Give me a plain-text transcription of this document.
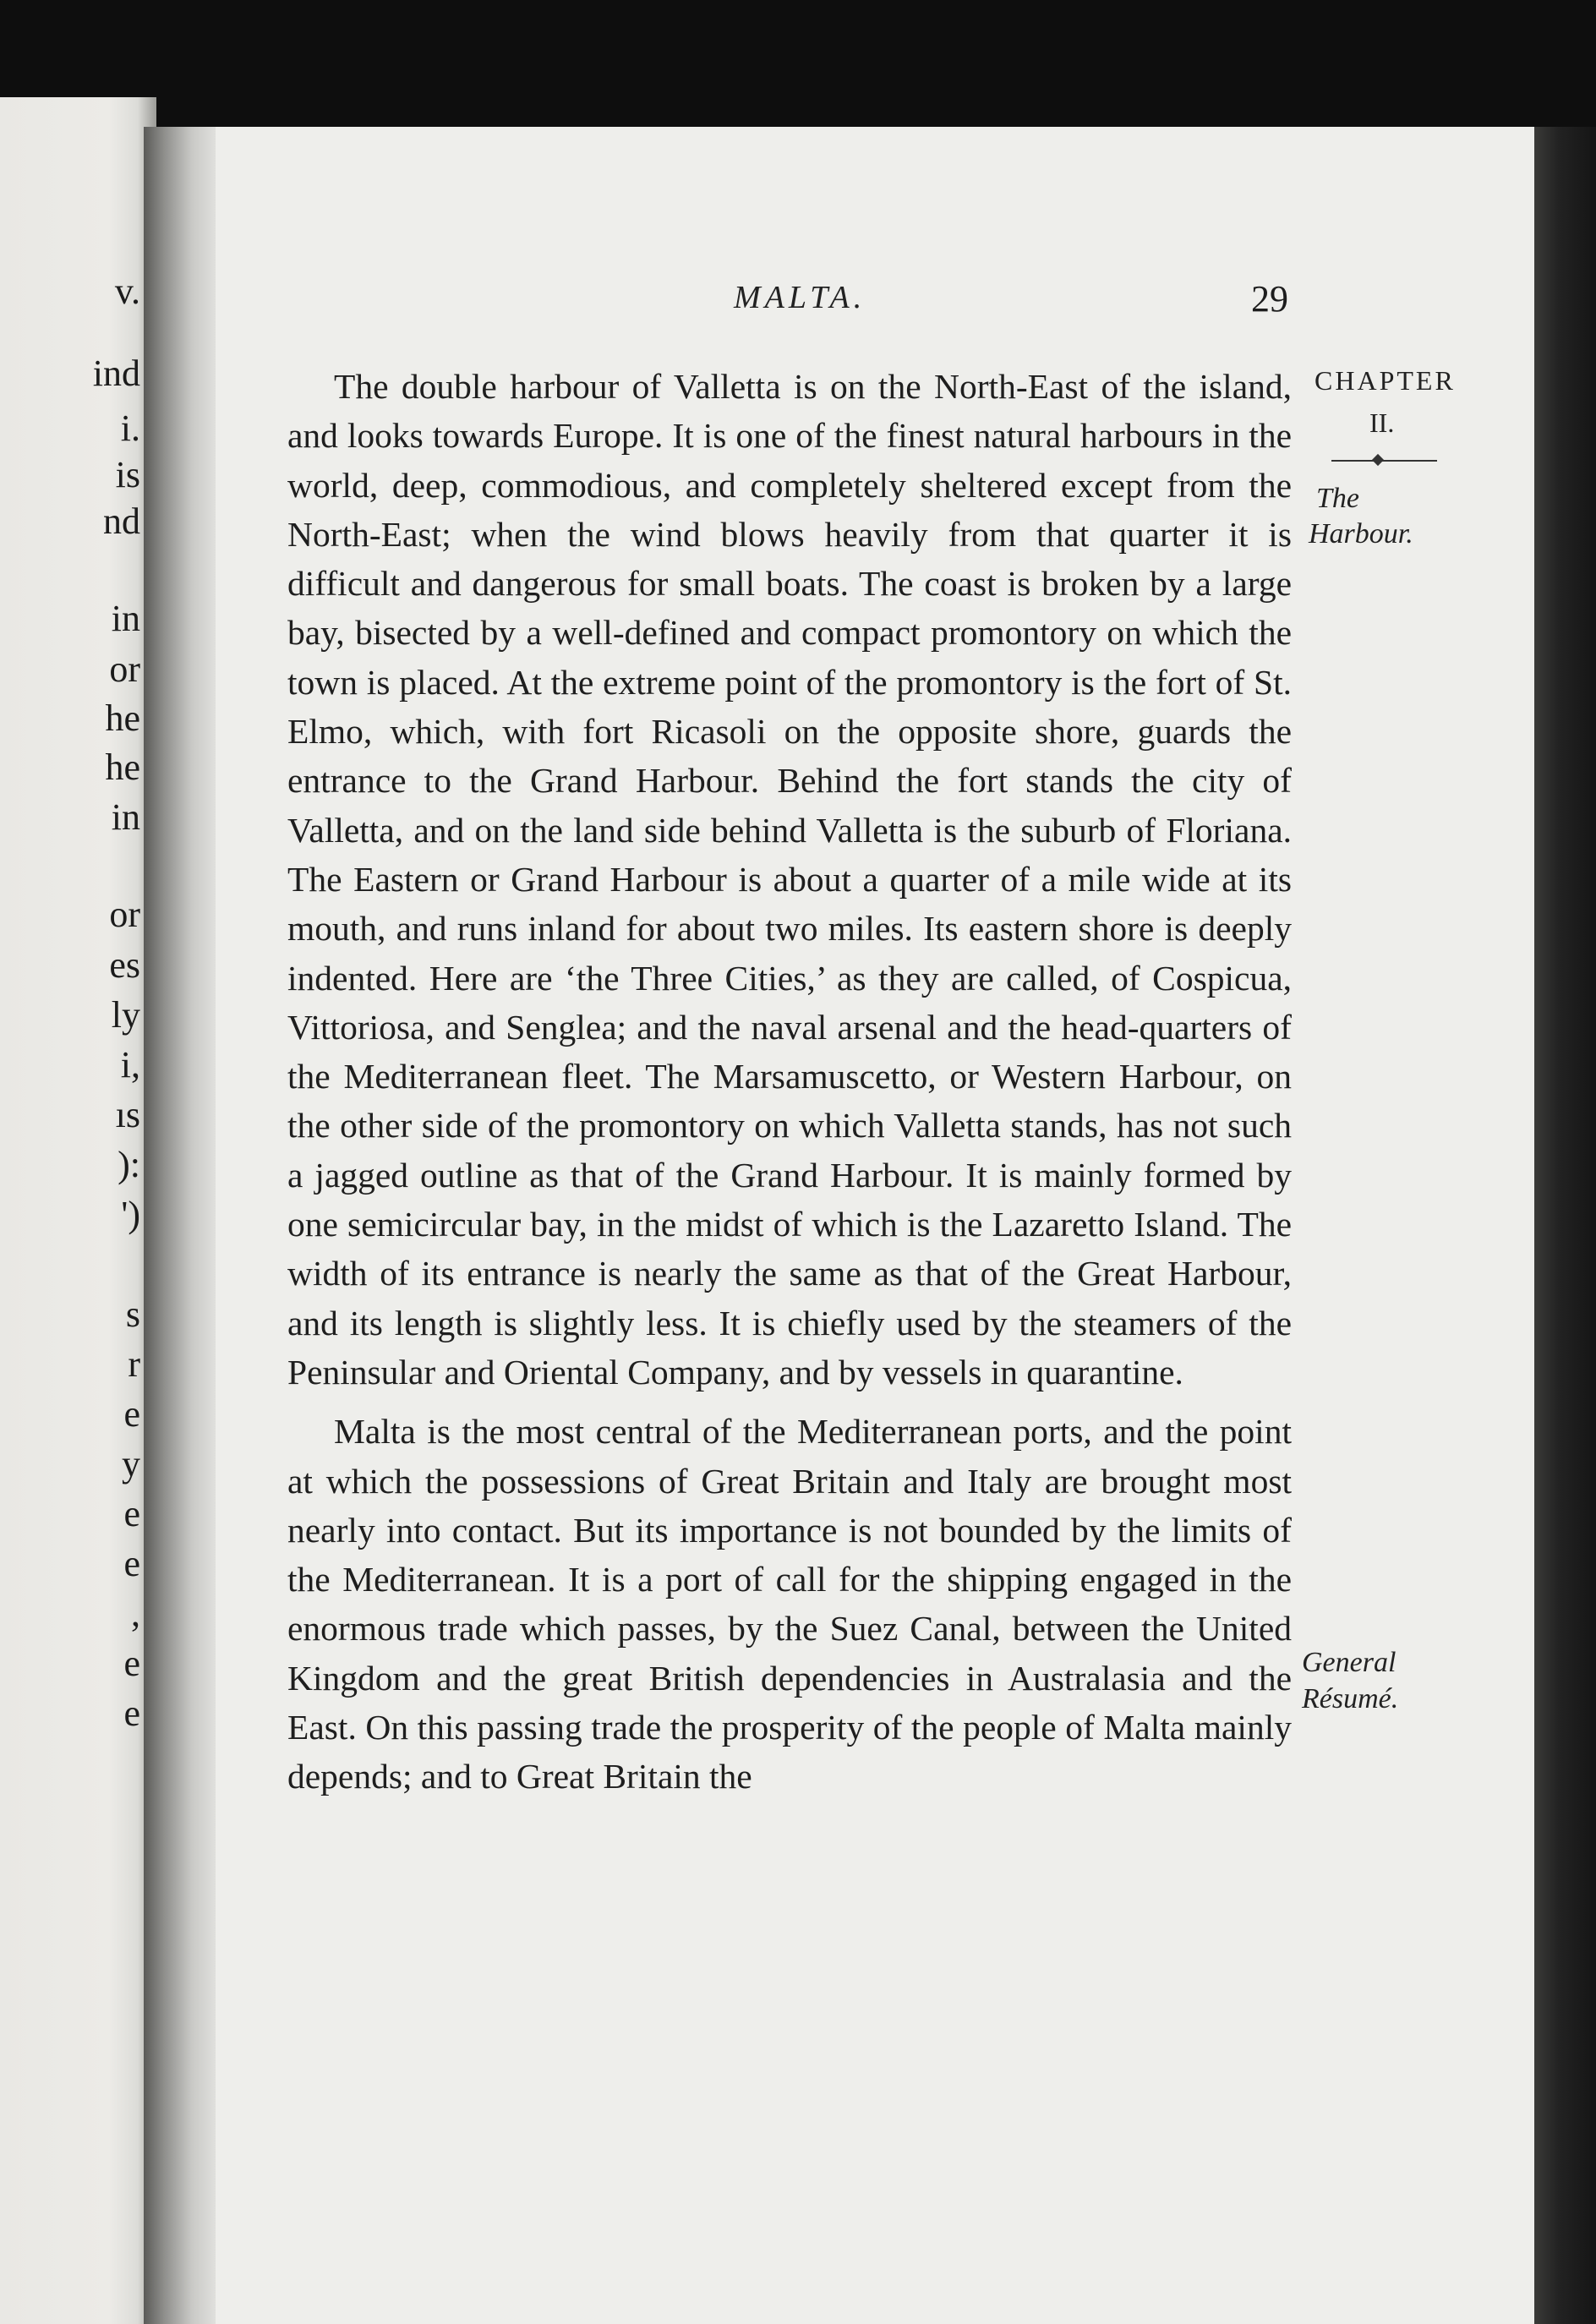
v.
ind
i.
is
nd
in
or
he
he
in
or
es
ly
i,
ıs
):
')
s
r
e
y
e
e
,
e
e
MALTA.	29
CHAPTER
II.
The
Harbour.
General
Résumé.

The double harbour of Valletta is on the North-East of the island, and looks towards Europe. It is one of the finest natural harbours in the world, deep, commodious, and completely sheltered except from the North-East; when the wind blows heavily from that quarter it is difficult and dangerous for small boats. The coast is broken by a large bay, bisected by a well-defined and compact promontory on which the town is placed. At the extreme point of the promontory is the fort of St. Elmo, which, with fort Ricasoli on the opposite shore, guards the entrance to the Grand Harbour. Behind the fort stands the city of Valletta, and on the land side behind Valletta is the suburb of Floriana. The Eastern or Grand Harbour is about a quarter of a mile wide at its mouth, and runs inland for about two miles. Its eastern shore is deeply indented. Here are ‘the Three Cities,’ as they are called, of Cospicua, Vittoriosa, and Senglea; and the naval arsenal and the head-quarters of the Mediterranean fleet. The Marsamuscetto, or Western Harbour, on the other side of the promontory on which Valletta stands, has not such a jagged outline as that of the Grand Harbour. It is mainly formed by one semicircular bay, in the midst of which is the Lazaretto Island. The width of its entrance is nearly the same as that of the Great Harbour, and its length is slightly less. It is chiefly used by the steamers of the Peninsular and Oriental Company, and by vessels in quarantine.

Malta is the most central of the Mediterranean ports, and the point at which the possessions of Great Britain and Italy are brought most nearly into contact. But its importance is not bounded by the limits of the Mediterranean. It is a port of call for the shipping engaged in the enormous trade which passes, by the Suez Canal, between the United Kingdom and the great British dependencies in Australasia and the East. On this passing trade the prosperity of the people of Malta mainly depends; and to Great Britain the
